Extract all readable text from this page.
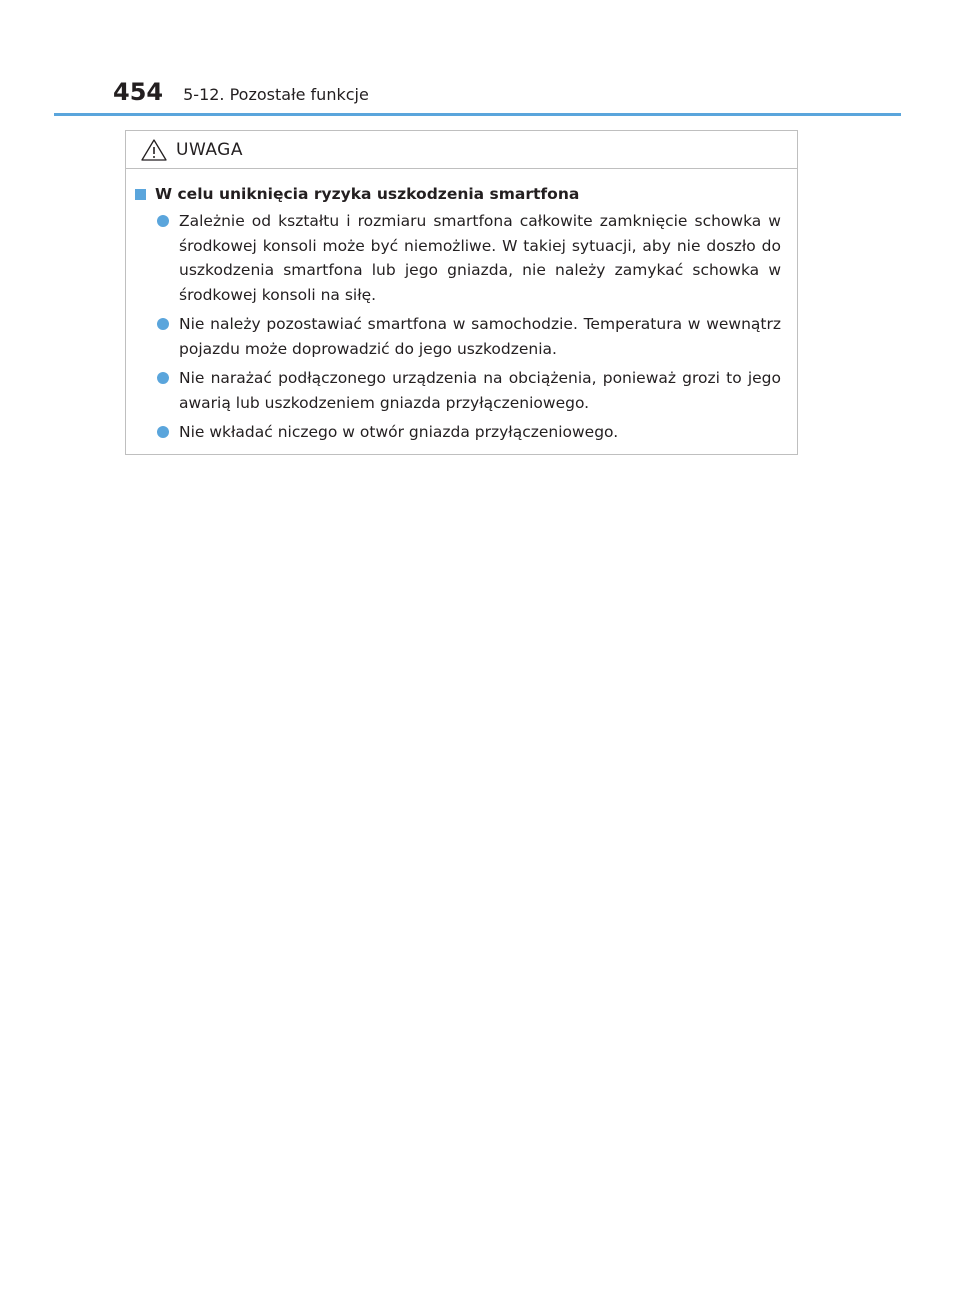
454 5-12. Pozostałe funkcje
UWAGA
W celu uniknięcia ryzyka uszkodzenia smartfona
Zależnie od kształtu i rozmiaru smartfona całkowite zamknięcie schowka w środkowej konsoli może być niemożliwe. W takiej sytuacji, aby nie doszło do uszkodzenia smartfona lub jego gniazda, nie należy zamykać schowka w środkowej konsoli na siłę.
Nie należy pozostawiać smartfona w samochodzie. Temperatura w wewnątrz pojazdu może doprowadzić do jego uszkodzenia.
Nie narażać podłączonego urządzenia na obciążenia, ponieważ grozi to jego awarią lub uszkodzeniem gniazda przyłączeniowego.
Nie wkładać niczego w otwór gniazda przyłączeniowego.
